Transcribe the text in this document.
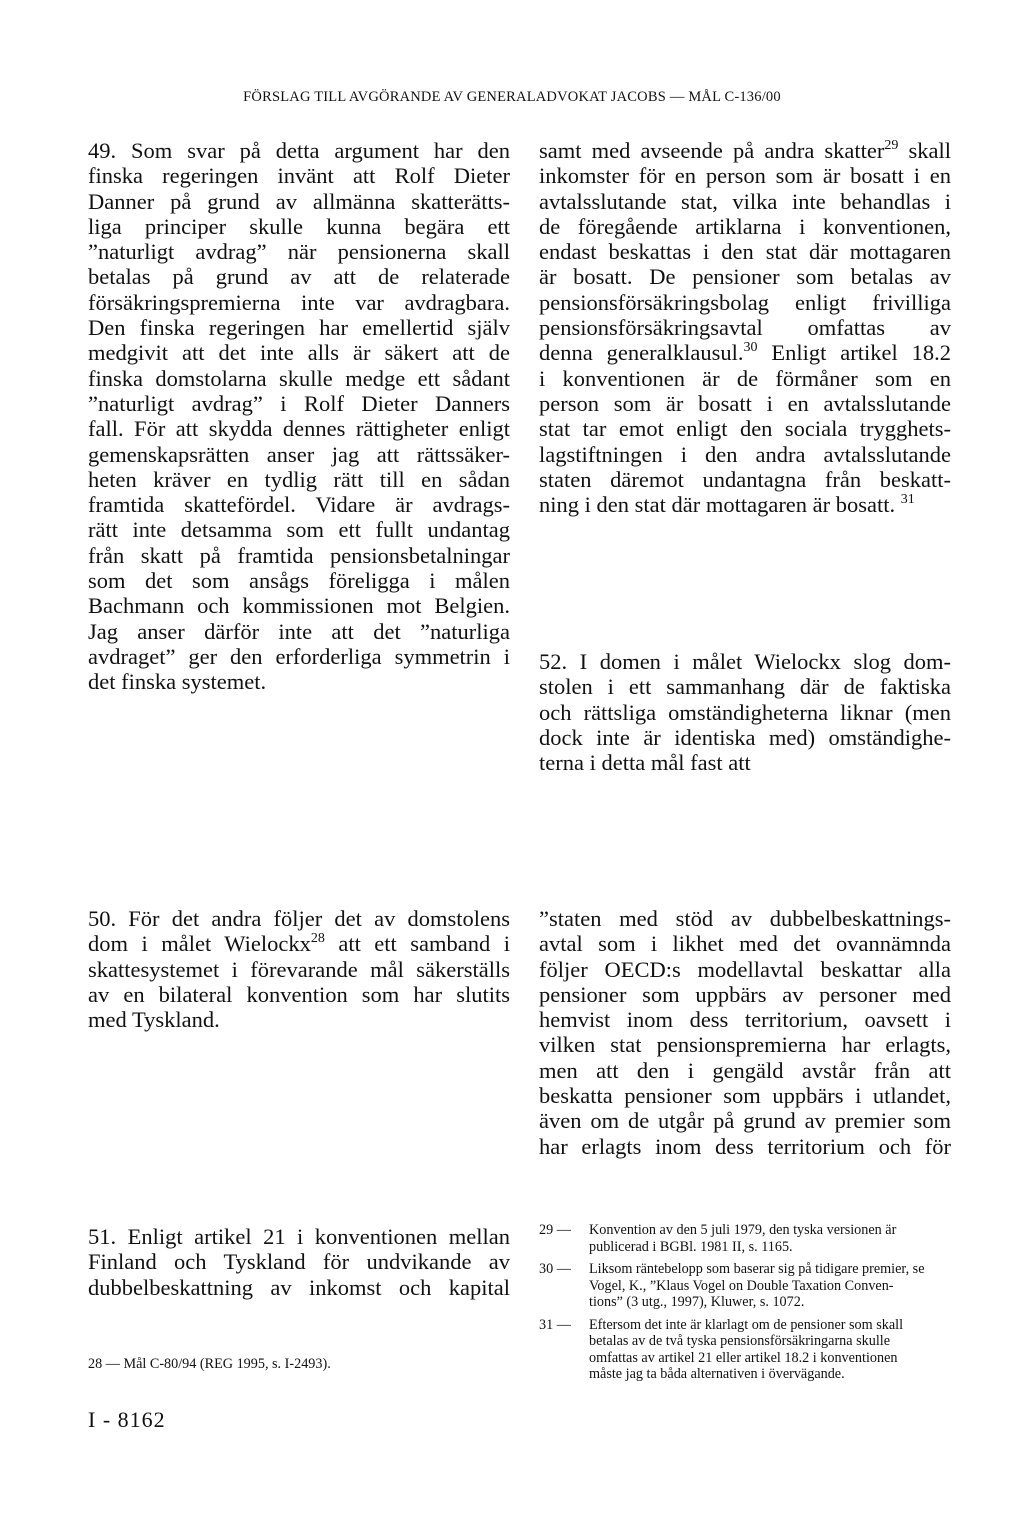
FÖRSLAG TILL AVGÖRANDE AV GENERALADVOKAT JACOBS — MÅL C-136/00
49. Som svar på detta argument har den
finska regeringen invänt att Rolf Dieter
Danner på grund av allmänna skatterätts-
liga principer skulle kunna begära ett
”naturligt avdrag” när pensionerna skall
betalas på grund av att de relaterade
försäkringspremierna inte var avdragbara.
Den finska regeringen har emellertid själv
medgivit att det inte alls är säkert att de
finska domstolarna skulle medge ett sådant
”naturligt avdrag” i Rolf Dieter Danners
fall. För att skydda dennes rättigheter enligt
gemenskapsrätten anser jag att rättssäker-
heten kräver en tydlig rätt till en sådan
framtida skattefördel. Vidare är avdrags-
rätt inte detsamma som ett fullt undantag
från skatt på framtida pensionsbetalningar
som det som ansågs föreligga i målen
Bachmann och kommissionen mot Belgien.
Jag anser därför inte att det ”naturliga
avdraget” ger den erforderliga symmetrin i
det finska systemet.
50. För det andra följer det av domstolens
dom i målet Wielockx$^{28}$ att ett samband i
skattesystemet i förevarande mål säkerställs
av en bilateral konvention som har slutits
med Tyskland.
51. Enligt artikel 21 i konventionen mellan
Finland och Tyskland för undvikande av
dubbelbeskattning av inkomst och kapital
28 — Mål C-80/94 (REG 1995, s. I-2493).
samt med avseende på andra skatter$^{29}$ skall
inkomster för en person som är bosatt i en
avtalsslutande stat, vilka inte behandlas i
de föregående artiklarna i konventionen,
endast beskattas i den stat där mottagaren
är bosatt. De pensioner som betalas av
pensionsförsäkringsbolag enligt frivilliga
pensionsförsäkringsavtal omfattas av
denna generalklausul.$^{30}$ Enligt artikel 18.2
i konventionen är de förmåner som en
person som är bosatt i en avtalsslutande
stat tar emot enligt den sociala trygghets-
lagstiftningen i den andra avtalsslutande
staten däremot undantagna från beskatt-
ning i den stat där mottagaren är bosatt. $^{31}$
52. I domen i målet Wielockx slog dom-
stolen i ett sammanhang där de faktiska
och rättsliga omständigheterna liknar (men
dock inte är identiska med) omständighe-
terna i detta mål fast att
”staten med stöd av dubbelbeskattnings-
avtal som i likhet med det ovannämnda
följer OECD:s modellavtal beskattar alla
pensioner som uppbärs av personer med
hemvist inom dess territorium, oavsett i
vilken stat pensionspremierna har erlagts,
men att den i gengäld avstår från att
beskatta pensioner som uppbärs i utlandet,
även om de utgår på grund av premier som
har erlagts inom dess territorium och för
29 —	Konvention av den 5 juli 1979, den tyska versionen är
publicerad i BGBl. 1981 II, s. 1165.
30 —	Liksom räntebelopp som baserar sig på tidigare premier, se
Vogel, K., ”Klaus Vogel on Double Taxation Conven-
tions” (3 utg., 1997), Kluwer, s. 1072.
31 —	Eftersom det inte är klarlagt om de pensioner som skall
betalas av de två tyska pensionsförsäkringarna skulle
omfattas av artikel 21 eller artikel 18.2 i konventionen
måste jag ta båda alternativen i övervägande.
I - 8162
